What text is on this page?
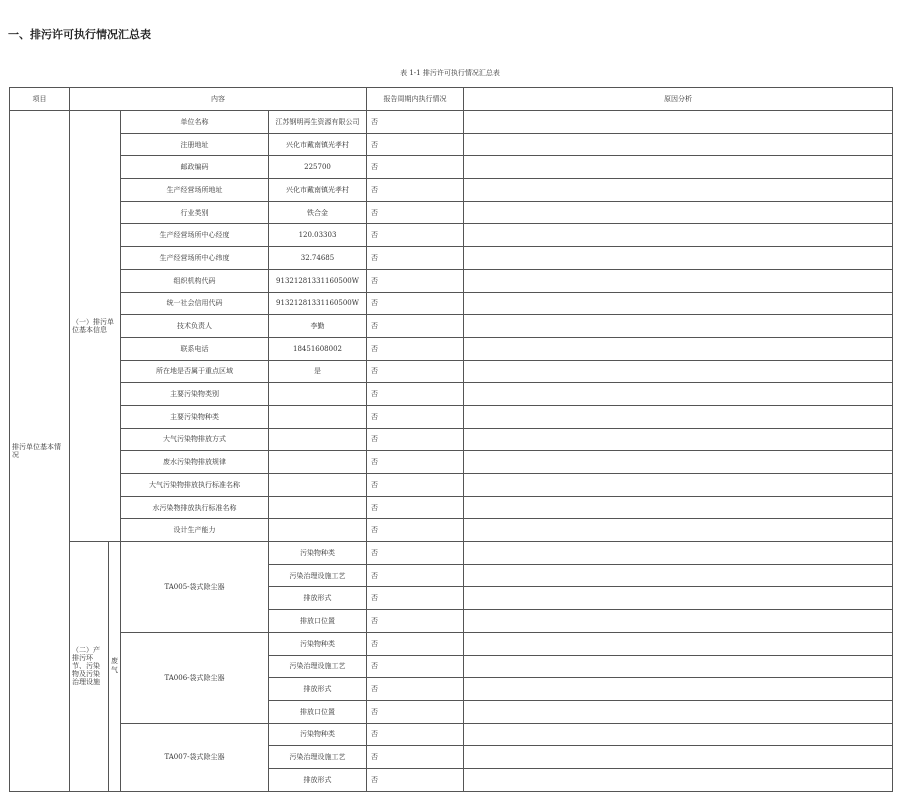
一、排污许可执行情况汇总表
表 1-1 排污许可执行情况汇总表
项目	内容				报告周期内执行情况	原因分析
排污单位基本情况	（一）排污单位基本信息		单位名称	江苏钢明再生资源有限公司	否	
			注册地址	兴化市戴南镇光孝村	否	
			邮政编码	225700	否	
			生产经营场所地址	兴化市戴南镇光孝村	否	
			行业类别	铁合金	否	
			生产经营场所中心经度	120.03303	否	
			生产经营场所中心纬度	32.74685	否	
			组织机构代码	91321281331160500W	否	
			统一社会信用代码	91321281331160500W	否	
			技术负责人	李勤	否	
			联系电话	18451608002	否	
			所在地是否属于重点区域	是	否	
			主要污染物类别		否	
			主要污染物种类		否	
			大气污染物排放方式		否	
			废水污染物排放规律		否	
			大气污染物排放执行标准名称		否	
			水污染物排放执行标准名称		否	
			设计生产能力		否	
	（二）产排污环节、污染物及污染治理设施	废气	TA005-袋式除尘器	污染物种类	否	
				污染治理设施工艺	否	
				排放形式	否	
				排放口位置	否	
			TA006-袋式除尘器	污染物种类	否	
				污染治理设施工艺	否	
				排放形式	否	
				排放口位置	否	
			TA007-袋式除尘器	污染物种类	否	
				污染治理设施工艺	否	
				排放形式	否	
